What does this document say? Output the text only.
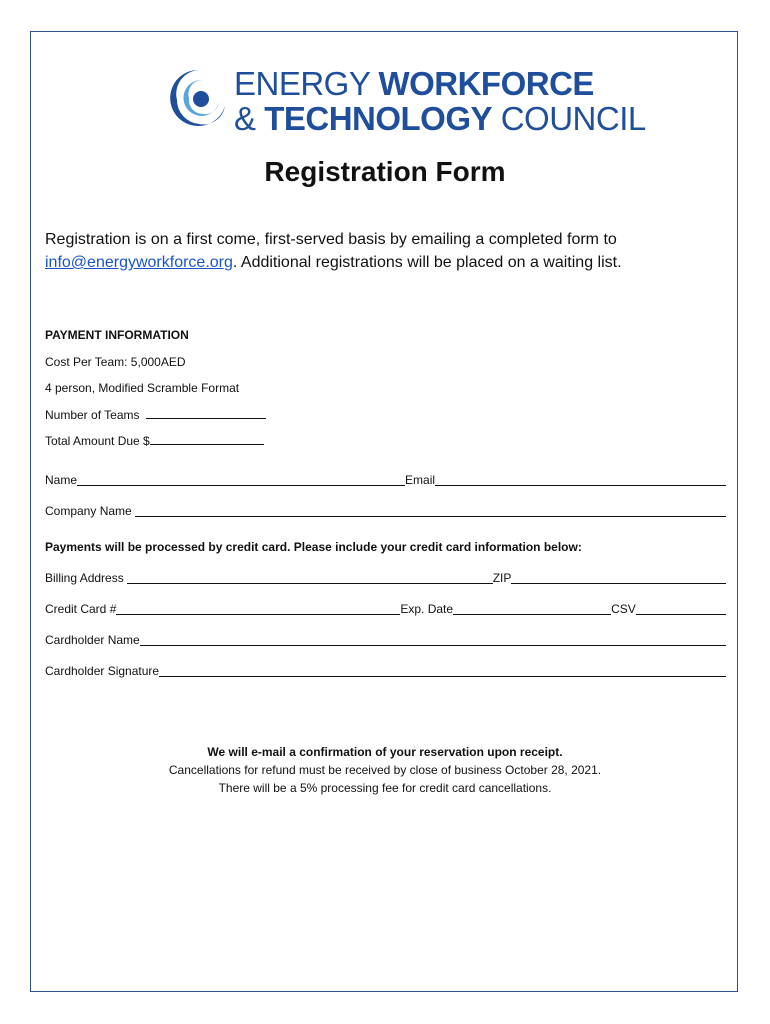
ENERGY WORKFORCE
& TECHNOLOGY COUNCIL
Registration Form
Registration is on a first come, first-served basis by emailing a completed form to info@energyworkforce.org. Additional registrations will be placed on a waiting list.
PAYMENT INFORMATION
Cost Per Team: 5,000AED
4 person, Modified Scramble Format
Number of Teams
Total Amount Due $
Name	Email
Company Name
Payments will be processed by credit card. Please include your credit card information below:
Billing Address	ZIP
Credit Card #	Exp. Date	CSV
Cardholder Name
Cardholder Signature
We will e-mail a confirmation of your reservation upon receipt.
Cancellations for refund must be received by close of business October 28, 2021.
There will be a 5% processing fee for credit card cancellations.
